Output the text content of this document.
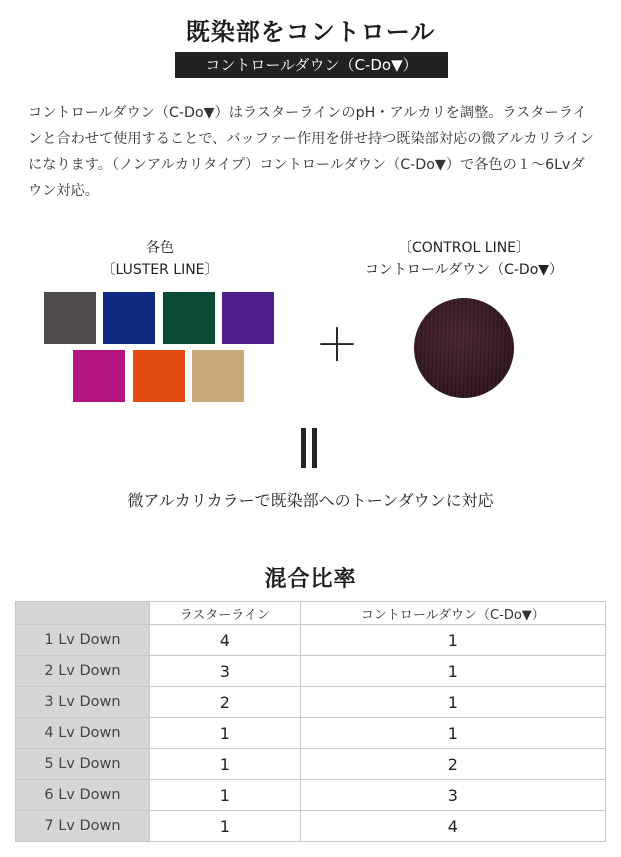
既染部をコントロール
コントロールダウン（C-Do▼）

コントロールダウン（C-Do▼）はラスターラインのpH・アルカリを調整。ラスターラインと合わせて使用することで、バッファー作用を併せ持つ既染部対応の微アルカリラインになります。（ノンアルカリタイプ）コントロールダウン（C-Do▼）で各色の１～6Lvダウン対応。

各色
〔LUSTER LINE〕
＋
〔CONTROL LINE〕
コントロールダウン（C-Do▼）
微アルカリカラーで既染部へのトーンダウンに対応
混合比率
	ラスターライン	コントロールダウン（C-Do▼）
1 Lv Down	4	1
2 Lv Down	3	1
3 Lv Down	2	1
4 Lv Down	1	1
5 Lv Down	1	2
6 Lv Down	1	3
7 Lv Down	1	4
